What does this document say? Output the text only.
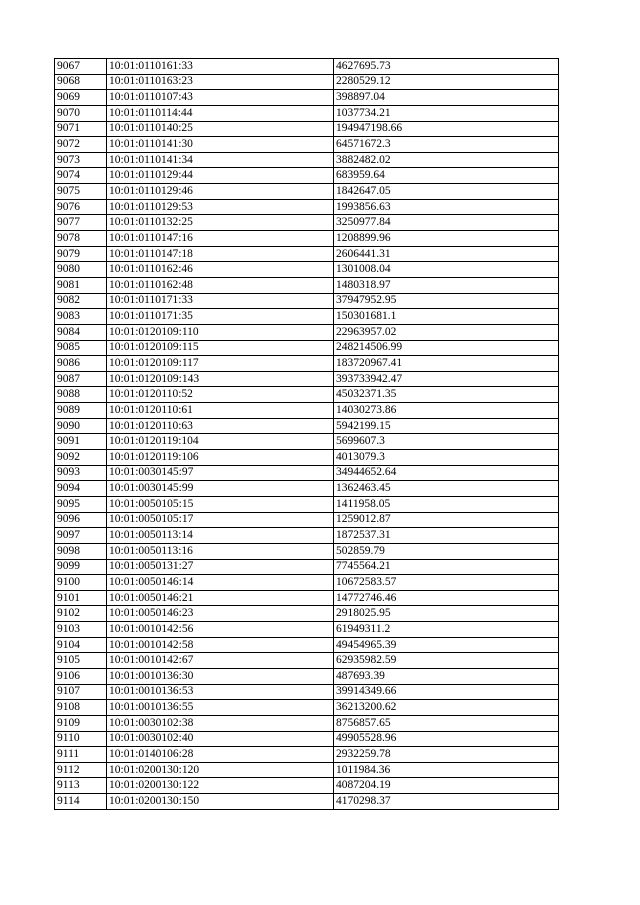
9067	10:01:0110161:33	4627695.73
9068	10:01:0110163:23	2280529.12
9069	10:01:0110107:43	398897.04
9070	10:01:0110114:44	1037734.21
9071	10:01:0110140:25	194947198.66
9072	10:01:0110141:30	64571672.3
9073	10:01:0110141:34	3882482.02
9074	10:01:0110129:44	683959.64
9075	10:01:0110129:46	1842647.05
9076	10:01:0110129:53	1993856.63
9077	10:01:0110132:25	3250977.84
9078	10:01:0110147:16	1208899.96
9079	10:01:0110147:18	2606441.31
9080	10:01:0110162:46	1301008.04
9081	10:01:0110162:48	1480318.97
9082	10:01:0110171:33	37947952.95
9083	10:01:0110171:35	150301681.1
9084	10:01:0120109:110	22963957.02
9085	10:01:0120109:115	248214506.99
9086	10:01:0120109:117	183720967.41
9087	10:01:0120109:143	393733942.47
9088	10:01:0120110:52	45032371.35
9089	10:01:0120110:61	14030273.86
9090	10:01:0120110:63	5942199.15
9091	10:01:0120119:104	5699607.3
9092	10:01:0120119:106	4013079.3
9093	10:01:0030145:97	34944652.64
9094	10:01:0030145:99	1362463.45
9095	10:01:0050105:15	1411958.05
9096	10:01:0050105:17	1259012.87
9097	10:01:0050113:14	1872537.31
9098	10:01:0050113:16	502859.79
9099	10:01:0050131:27	7745564.21
9100	10:01:0050146:14	10672583.57
9101	10:01:0050146:21	14772746.46
9102	10:01:0050146:23	2918025.95
9103	10:01:0010142:56	61949311.2
9104	10:01:0010142:58	49454965.39
9105	10:01:0010142:67	62935982.59
9106	10:01:0010136:30	487693.39
9107	10:01:0010136:53	39914349.66
9108	10:01:0010136:55	36213200.62
9109	10:01:0030102:38	8756857.65
9110	10:01:0030102:40	49905528.96
9111	10:01:0140106:28	2932259.78
9112	10:01:0200130:120	1011984.36
9113	10:01:0200130:122	4087204.19
9114	10:01:0200130:150	4170298.37
